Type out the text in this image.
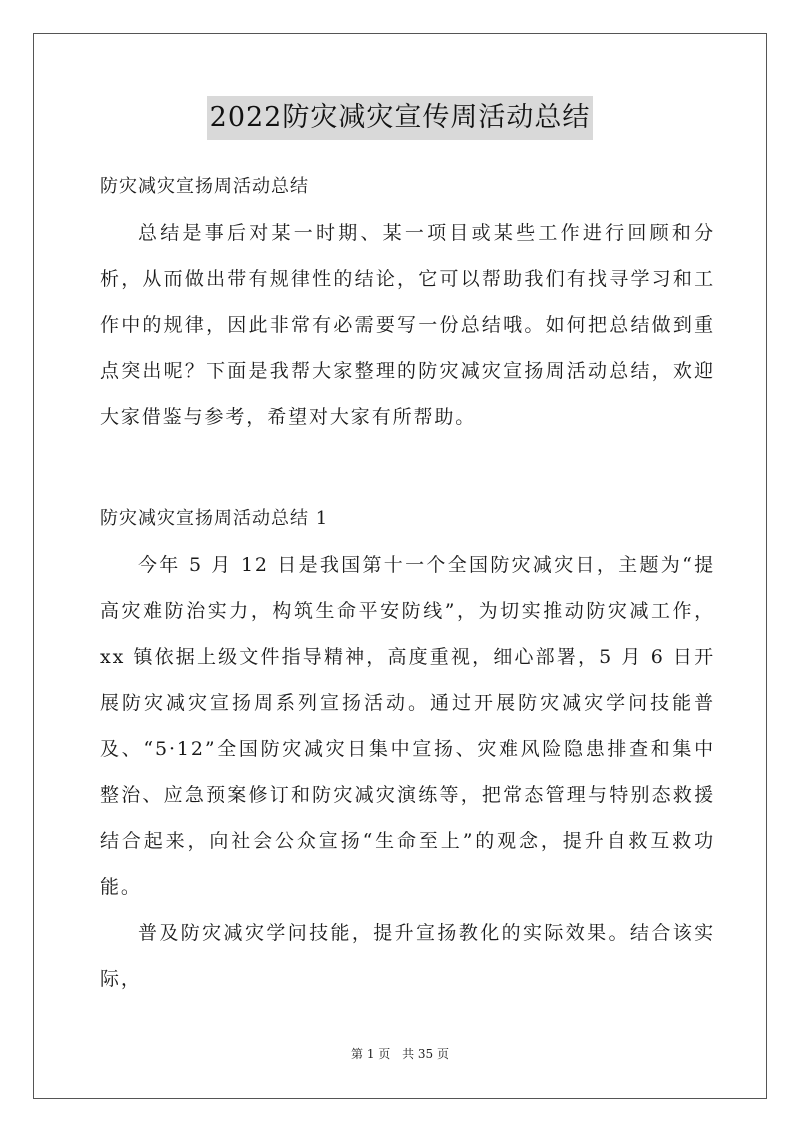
2022防灾减灾宣传周活动总结

防灾减灾宣扬周活动总结

总结是事后对某一时期、某一项目或某些工作进行回顾和分析，从而做出带有规律性的结论，它可以帮助我们有找寻学习和工作中的规律，因此非常有必需要写一份总结哦。如何把总结做到重点突出呢？下面是我帮大家整理的防灾减灾宣扬周活动总结，欢迎大家借鉴与参考，希望对大家有所帮助。

防灾减灾宣扬周活动总结 1

今年 5 月 12 日是我国第十一个全国防灾减灾日，主题为“提高灾难防治实力，构筑生命平安防线”，为切实推动防灾减工作，xx 镇依据上级文件指导精神，高度重视，细心部署，5 月 6 日开展防灾减灾宣扬周系列宣扬活动。通过开展防灾减灾学问技能普及、“5·12”全国防灾减灾日集中宣扬、灾难风险隐患排查和集中整治、应急预案修订和防灾减灾演练等，把常态管理与特别态救援结合起来，向社会公众宣扬“生命至上”的观念，提升自救互救功能。

普及防灾减灾学问技能，提升宣扬教化的实际效果。结合该实际，

第 1 页 共 35 页
